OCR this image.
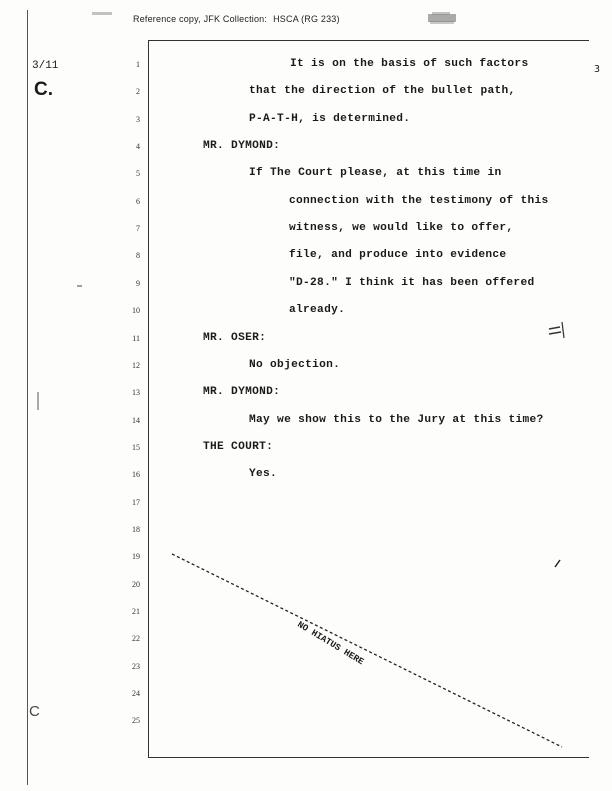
Reference copy, JFK Collection: HSCA (RG 233)
3/11
C.
3
C
1
2
3
4
5
6
7
8
9
10
11
12
13
14
15
16
17
18
19
20
21
22
23
24
25
It is on the basis of such factors
that the direction of the bullet path,
P-A-T-H, is determined.
MR. DYMOND:
If The Court please, at this time in
connection with the testimony of this
witness, we would like to offer,
file, and produce into evidence
"D-28." I think it has been offered
already.
MR. OSER:
No objection.
MR. DYMOND:
May we show this to the Jury at this time?
THE COURT:
Yes.
NO HIATUS HERE
